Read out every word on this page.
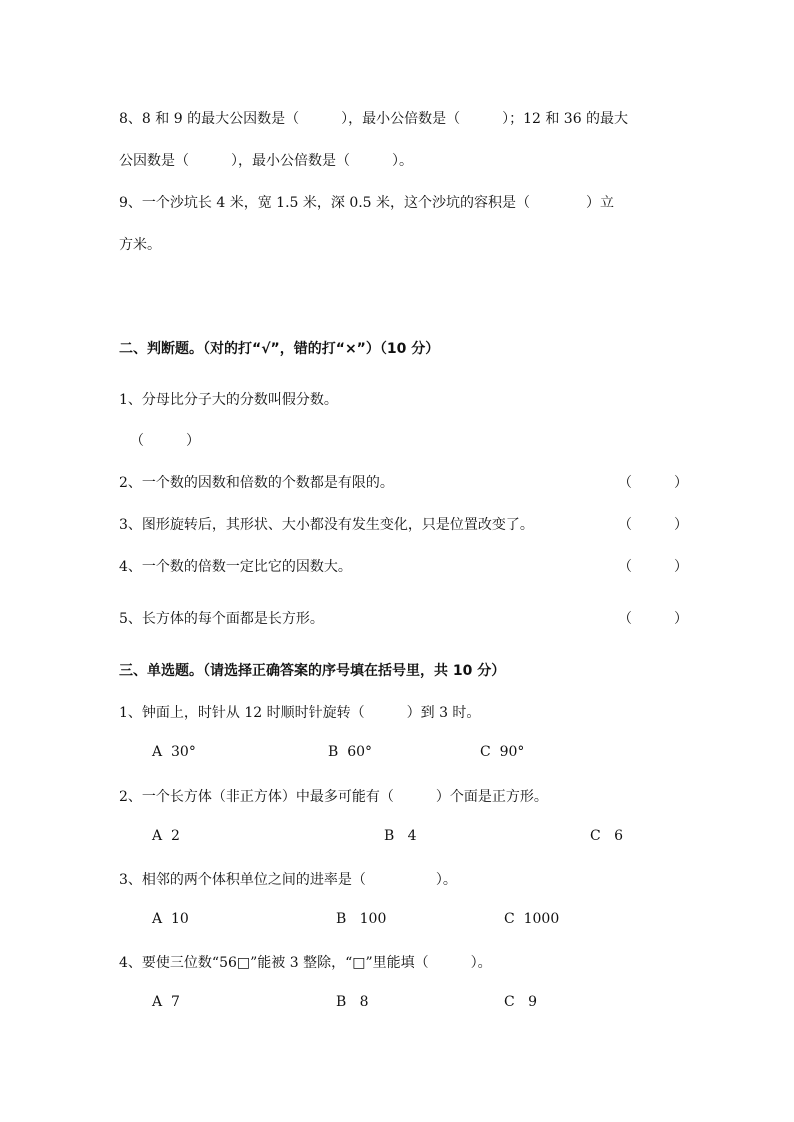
8、8 和 9 的最大公因数是（　　　），最小公倍数是（　　　）；12 和 36 的最大
公因数是（　　　），最小公倍数是（　　　）。
9、一个沙坑长 4 米，宽 1.5 米，深 0.5 米，这个沙坑的容积是（　　　　）立
方米。
二、判断题。（对的打“√”，错的打“×”）（10 分）
1、分母比分子大的分数叫假分数。
（　　　）
2、一个数的因数和倍数的个数都是有限的。	（　　　）
3、图形旋转后，其形状、大小都没有发生变化，只是位置改变了。	（　　　）
4、一个数的倍数一定比它的因数大。	（　　　）
5、长方体的每个面都是长方形。	（　　　）
三、单选题。（请选择正确答案的序号填在括号里，共 10 分）
1、钟面上，时针从 12 时顺时针旋转（　　　）到 3 时。
A  30°	B  60°	C  90°
2、一个长方体（非正方体）中最多可能有（　　　）个面是正方形。
A  2	B   4	C   6
3、相邻的两个体积单位之间的进率是（　　　　　）。
A  10	B   100	C  1000
4、要使三位数“56□”能被 3 整除，“□”里能填（　　　）。
A  7	B   8	C   9
